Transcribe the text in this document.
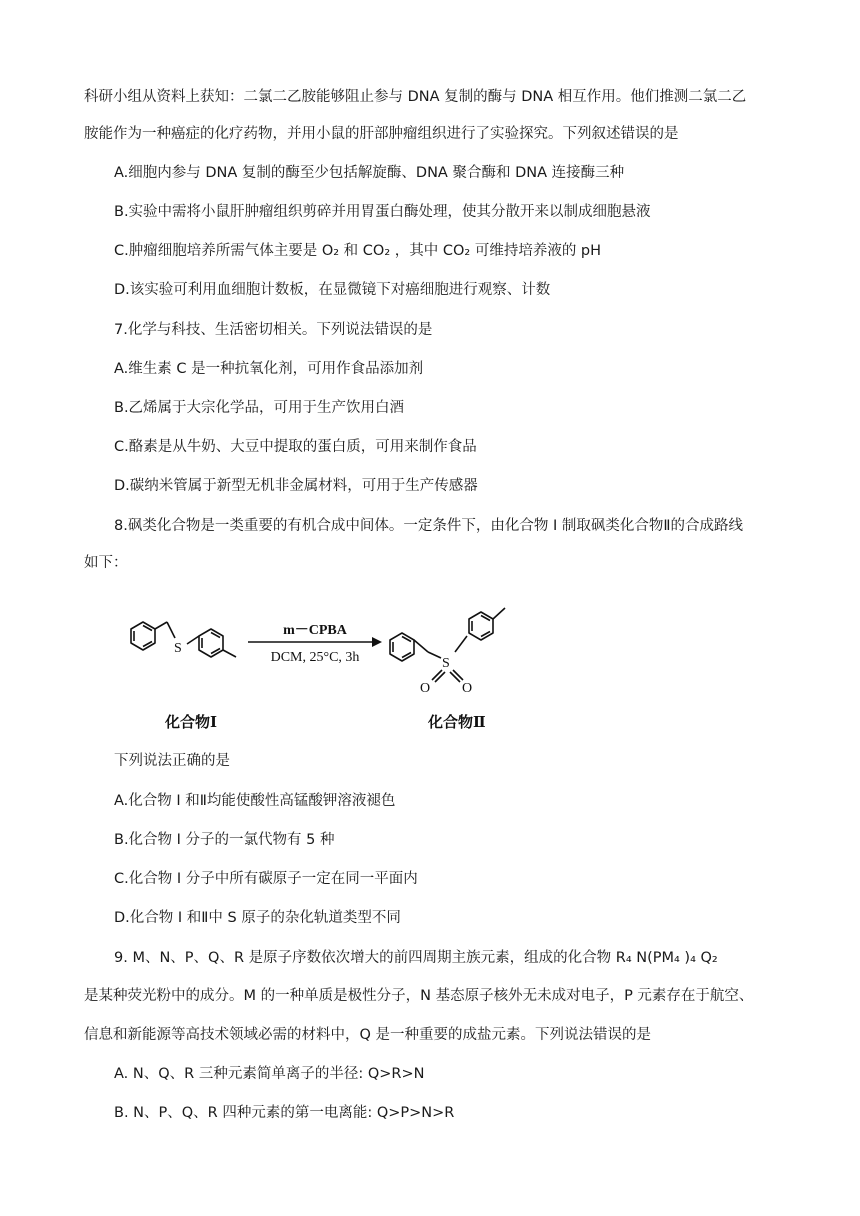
科研小组从资料上获知：二氯二乙胺能够阻止参与 DNA 复制的酶与 DNA 相互作用。他们推测二氯二乙
胺能作为一种癌症的化疗药物，并用小鼠的肝部肿瘤组织进行了实验探究。下列叙述错误的是
A.细胞内参与 DNA 复制的酶至少包括解旋酶、DNA 聚合酶和 DNA 连接酶三种
B.实验中需将小鼠肝肿瘤组织剪碎并用胃蛋白酶处理，使其分散开来以制成细胞悬液
C.肿瘤细胞培养所需气体主要是 O₂ 和 CO₂ ，其中 CO₂ 可维持培养液的 pH
D.该实验可利用血细胞计数板，在显微镜下对癌细胞进行观察、计数
7.化学与科技、生活密切相关。下列说法错误的是
A.维生素 C 是一种抗氧化剂，可用作食品添加剂
B.乙烯属于大宗化学品，可用于生产饮用白酒
C.酪素是从牛奶、大豆中提取的蛋白质，可用来制作食品
D.碳纳米管属于新型无机非金属材料，可用于生产传感器
8.砜类化合物是一类重要的有机合成中间体。一定条件下，由化合物 I 制取砜类化合物Ⅱ的合成路线
如下：
S
m－CPBA
DCM, 25°C, 3h	S
O O
化合物I	化合物Ⅱ
下列说法正确的是
A.化合物 I 和Ⅱ均能使酸性高锰酸钾溶液褪色
B.化合物 I 分子的一氯代物有 5 种
C.化合物 I 分子中所有碳原子一定在同一平面内
D.化合物 I 和Ⅱ中 S 原子的杂化轨道类型不同
9. M、N、P、Q、R 是原子序数依次增大的前四周期主族元素，组成的化合物 R₄ N(PM₄ )₄ Q₂
是某种荧光粉中的成分。M 的一种单质是极性分子，N 基态原子核外无未成对电子，P 元素存在于航空、
信息和新能源等高技术领域必需的材料中，Q 是一种重要的成盐元素。下列说法错误的是
A. N、Q、R 三种元素简单离子的半径: Q>R>N
B. N、P、Q、R 四种元素的第一电离能: Q>P>N>R
